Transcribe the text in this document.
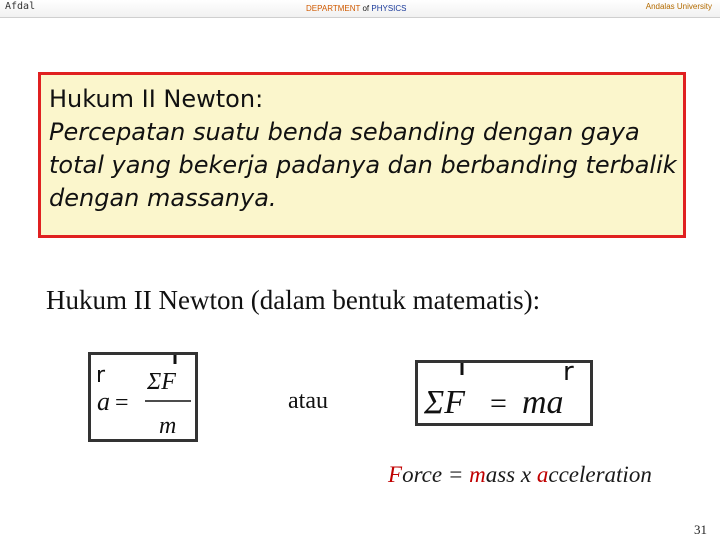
Afdal	DEPARTMENT of PHYSICS	Andalas University
Hukum II Newton:
Percepatan suatu benda sebanding dengan gaya total yang bekerja padanya dan berbanding terbalik dengan massanya.
Hukum II Newton (dalam bentuk matematis):
r
a =
ΣF
m
atau
r
ΣF = ma
Force = mass x acceleration
31
